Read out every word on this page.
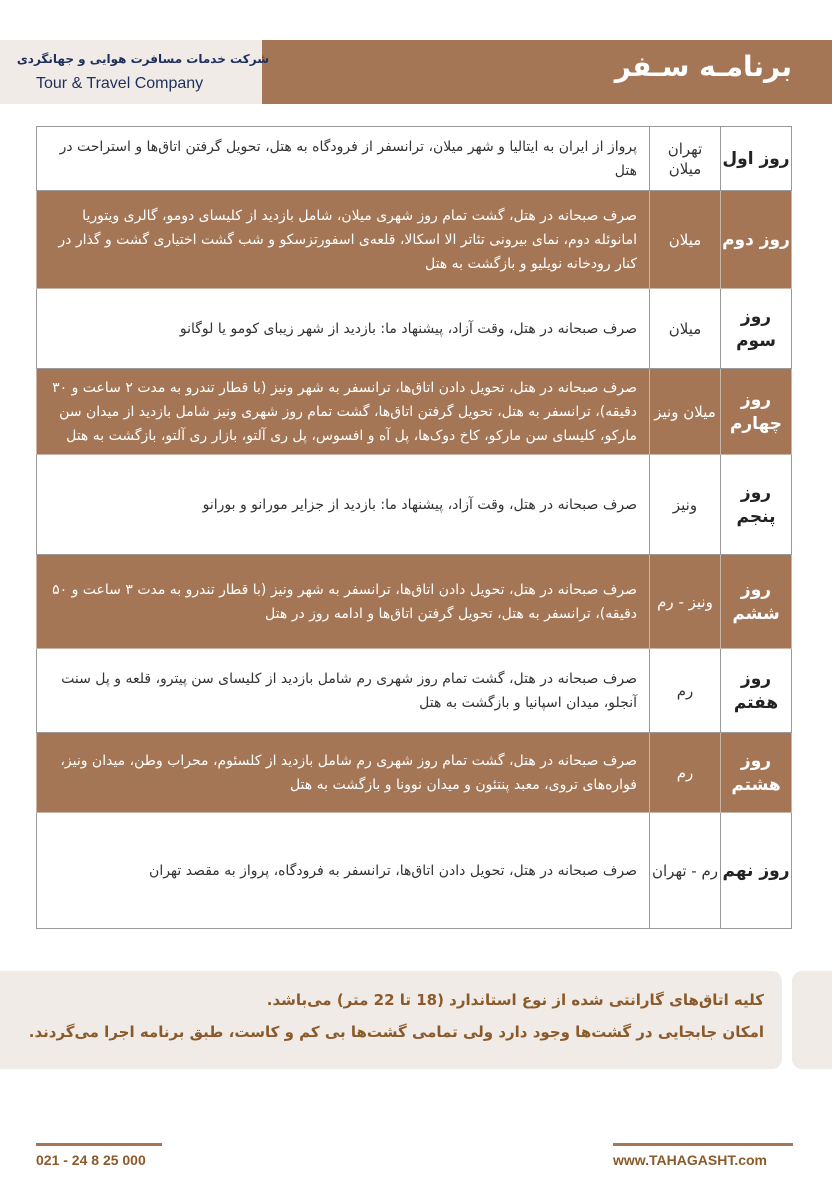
شرکت خدمات مسافرت هوایی و جهانگردی
Tour & Travel Company
برنامـه سـفر
روز اول	تهران میلان	پرواز از ایران به ایتالیا و شهر میلان، ترانسفر از فرودگاه به هتل، تحویل گرفتن اتاق‌ها و استراحت در هتل
روز دوم	میلان	صرف صبحانه در هتل، گشت تمام روز شهری میلان، شامل بازدید از کلیسای دومو، گالری ویتوریا امانوئله دوم، نمای بیرونی تئاتر الا اسکالا، قلعه‌ی اسفورتزسکو و شب گشت اختیاری گشت و گذار در کنار رودخانه نویلیو و بازگشت به هتل
روز سوم	میلان	صرف صبحانه در هتل، وقت آزاد، پیشنهاد ما: بازدید از شهر زیبای کومو یا لوگانو
روز چهارم	میلان ونیز	صرف صبحانه در هتل، تحویل دادن اتاق‌ها، ترانسفر به شهر ونیز (با قطار تندرو به مدت ۲ ساعت و ۳۰ دقیقه)، ترانسفر به هتل، تحویل گرفتن اتاق‌ها، گشت تمام روز شهری ونیز شامل بازدید از میدان سن مارکو، کلیسای سن مارکو، کاخ دوک‌ها، پل آه و افسوس، پل ری آلتو، بازار ری آلتو، بازگشت به هتل
روز پنجم	ونیز	صرف صبحانه در هتل، وقت آزاد، پیشنهاد ما: بازدید از جزایر مورانو و بورانو
روز ششم	ونیز - رم	صرف صبحانه در هتل، تحویل دادن اتاق‌ها، ترانسفر به شهر ونیز (با قطار تندرو به مدت ۳ ساعت و ۵۰ دقیقه)، ترانسفر به هتل، تحویل گرفتن اتاق‌ها و ادامه روز در هتل
روز هفتم	رم	صرف صبحانه در هتل، گشت تمام روز شهری رم شامل بازدید از کلیسای سن پیترو، قلعه و پل سنت آنجلو، میدان اسپانیا و بازگشت به هتل
روز هشتم	رم	صرف صبحانه در هتل، گشت تمام روز شهری رم شامل بازدید از کلسئوم، محراب وطن، میدان ونیز، فواره‌های تروی، معبد پنتئون و میدان نوونا و بازگشت به هتل
روز نهم	رم - تهران	صرف صبحانه در هتل، تحویل دادن اتاق‌ها، ترانسفر به فرودگاه، پرواز به مقصد تهران
کلیه اتاق‌های گارانتی شده از نوع استاندارد (18 تا 22 متر) می‌باشد.
امکان جابجایی در گشت‌ها وجود دارد ولی تمامی گشت‌ها بی کم و کاست، طبق برنامه اجرا می‌گردند.
021 - 24 8 25 000	www.TAHAGASHT.com
